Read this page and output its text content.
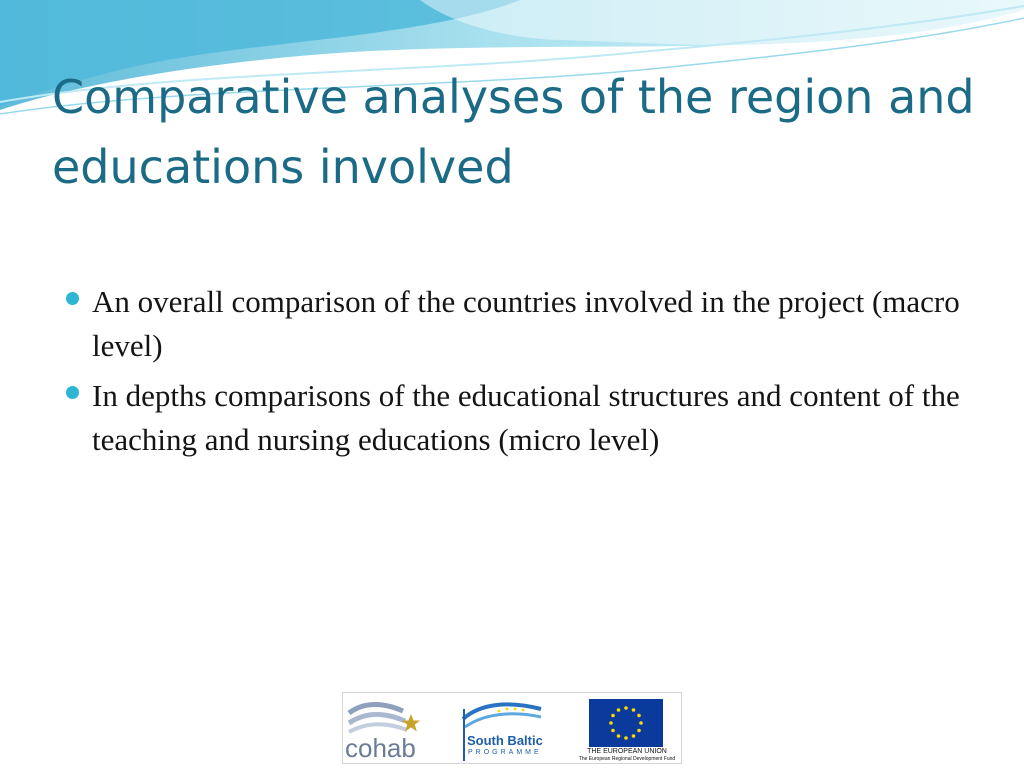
Comparative analyses of the region and educations involved
An overall comparison of the countries involved in the project (macro level)
In depths comparisons of the educational structures and content of the teaching and nursing educations (micro level)
cohab	South Baltic
PROGRAMME	THE EUROPEAN UNION
The European Regional Development Fund
